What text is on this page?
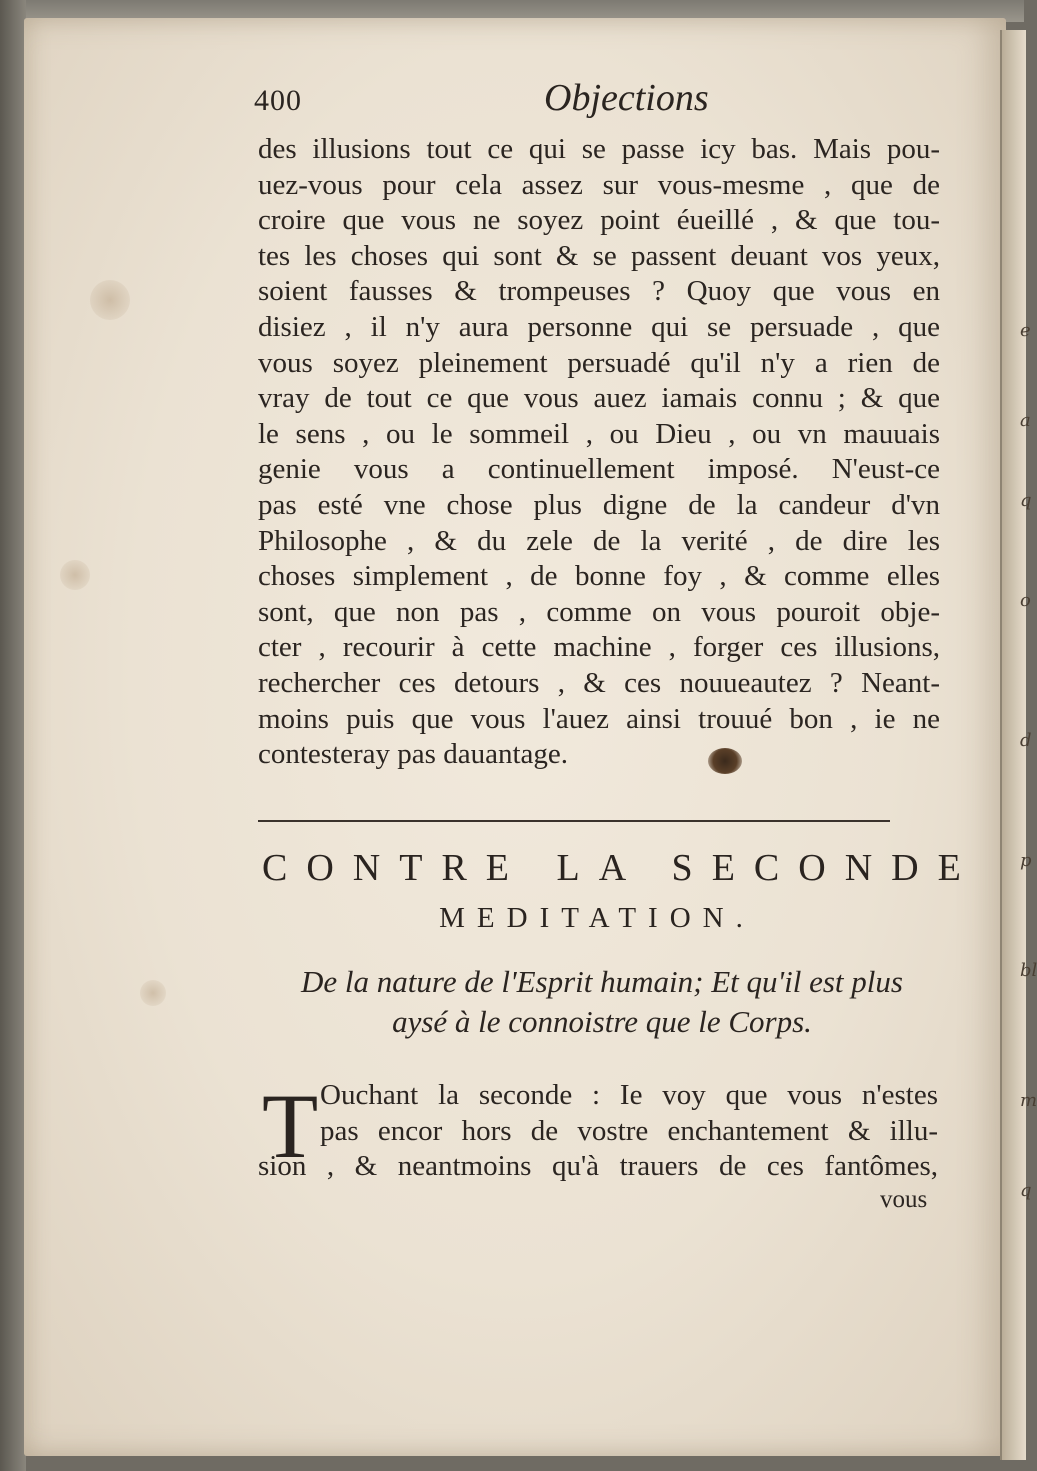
e
a
q
o
d
p
bl
m
q
400	Objections
des illusions tout ce qui se passe icy bas. Mais pou-
uez-vous pour cela assez sur vous-mesme , que de
croire que vous ne soyez point éueillé , & que tou-
tes les choses qui sont & se passent deuant vos yeux,
soient fausses & trompeuses ? Quoy que vous en
disiez , il n'y aura personne qui se persuade , que
vous soyez pleinement persuadé qu'il n'y a rien de
vray de tout ce que vous auez iamais connu ; & que
le sens , ou le sommeil , ou Dieu , ou vn mauuais
genie vous a continuellement imposé. N'eust-ce
pas esté vne chose plus digne de la candeur d'vn
Philosophe , & du zele de la verité , de dire les
choses simplement , de bonne foy , & comme elles
sont, que non pas , comme on vous pouroit obje-
cter , recourir à cette machine , forger ces illusions,
rechercher ces detours , & ces nouueautez ? Neant-
moins puis que vous l'auez ainsi trouué bon , ie ne
contesteray pas dauantage.
CONTRE LA SECONDE
MEDITATION.
De la nature de l'Esprit humain; Et qu'il est plus
aysé à le connoistre que le Corps.
T Ouchant la seconde : Ie voy que vous n'estes
pas encor hors de vostre enchantement & illu-
sion , & neantmoins qu'à trauers de ces fantômes,
vous
